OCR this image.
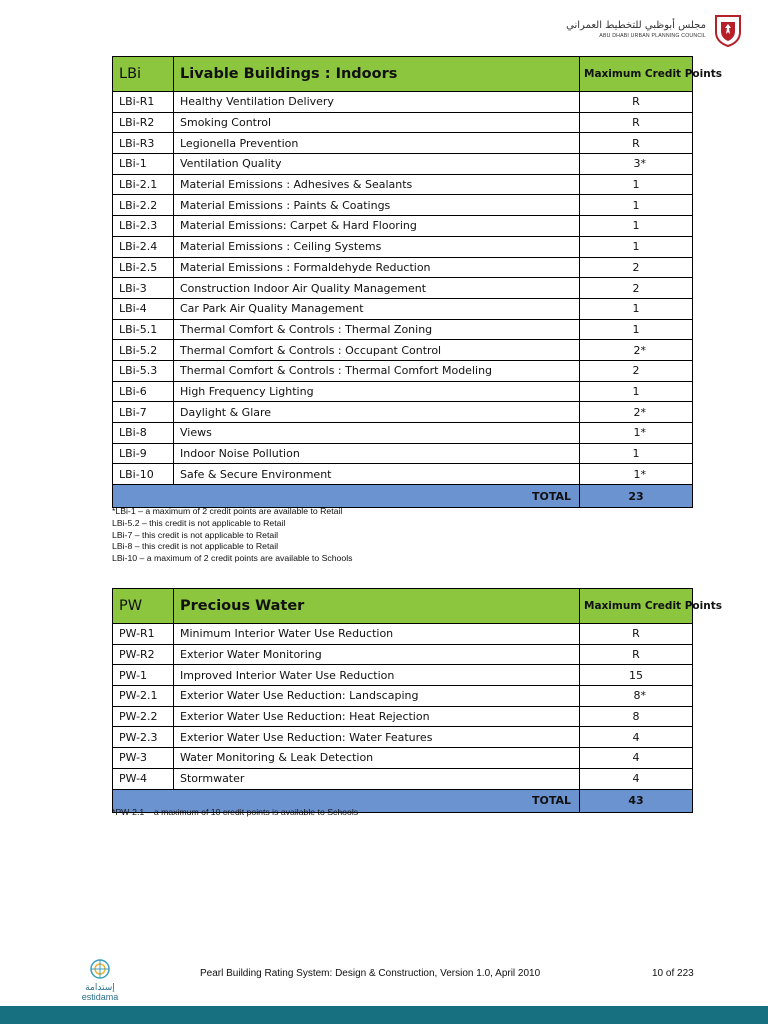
مجلس أبوظبي للتخطيط العمراني
ABU DHABI URBAN PLANNING COUNCIL
LBi	Livable Buildings : Indoors	Maximum Credit Points
LBi-R1	Healthy Ventilation Delivery	R
LBi-R2	Smoking Control	R
LBi-R3	Legionella Prevention	R
LBi-1	Ventilation Quality	3*
LBi-2.1	Material Emissions : Adhesives & Sealants	1
LBi-2.2	Material Emissions : Paints & Coatings	1
LBi-2.3	Material Emissions: Carpet & Hard Flooring	1
LBi-2.4	Material Emissions : Ceiling Systems	1
LBi-2.5	Material Emissions : Formaldehyde Reduction	2
LBi-3	Construction Indoor Air Quality Management	2
LBi-4	Car Park Air Quality Management	1
LBi-5.1	Thermal Comfort & Controls : Thermal Zoning	1
LBi-5.2	Thermal Comfort & Controls : Occupant Control	2*
LBi-5.3	Thermal Comfort & Controls : Thermal Comfort Modeling	2
LBi-6	High Frequency Lighting	1
LBi-7	Daylight & Glare	2*
LBi-8	Views	1*
LBi-9	Indoor Noise Pollution	1
LBi-10	Safe & Secure Environment	1*
TOTAL		23
*LBi-1 – a maximum of 2 credit points are available to Retail
LBi-5.2 – this credit is not applicable to Retail
LBi-7 – this credit is not applicable to Retail
LBi-8 – this credit is not applicable to Retail
LBi-10 – a maximum of 2 credit points are available to Schools
PW	Precious Water	Maximum Credit Points
PW-R1	Minimum Interior Water Use Reduction	R
PW-R2	Exterior Water Monitoring	R
PW-1	Improved Interior Water Use Reduction	15
PW-2.1	Exterior Water Use Reduction: Landscaping	8*
PW-2.2	Exterior Water Use Reduction: Heat Rejection	8
PW-2.3	Exterior Water Use Reduction: Water Features	4
PW-3	Water Monitoring & Leak Detection	4
PW-4	Stormwater	4
TOTAL		43
*PW-2.1 – a maximum of 10 credit points is available to Schools
إستدامة
estidama
Pearl Building Rating System: Design & Construction, Version 1.0, April 2010	10 of 223
